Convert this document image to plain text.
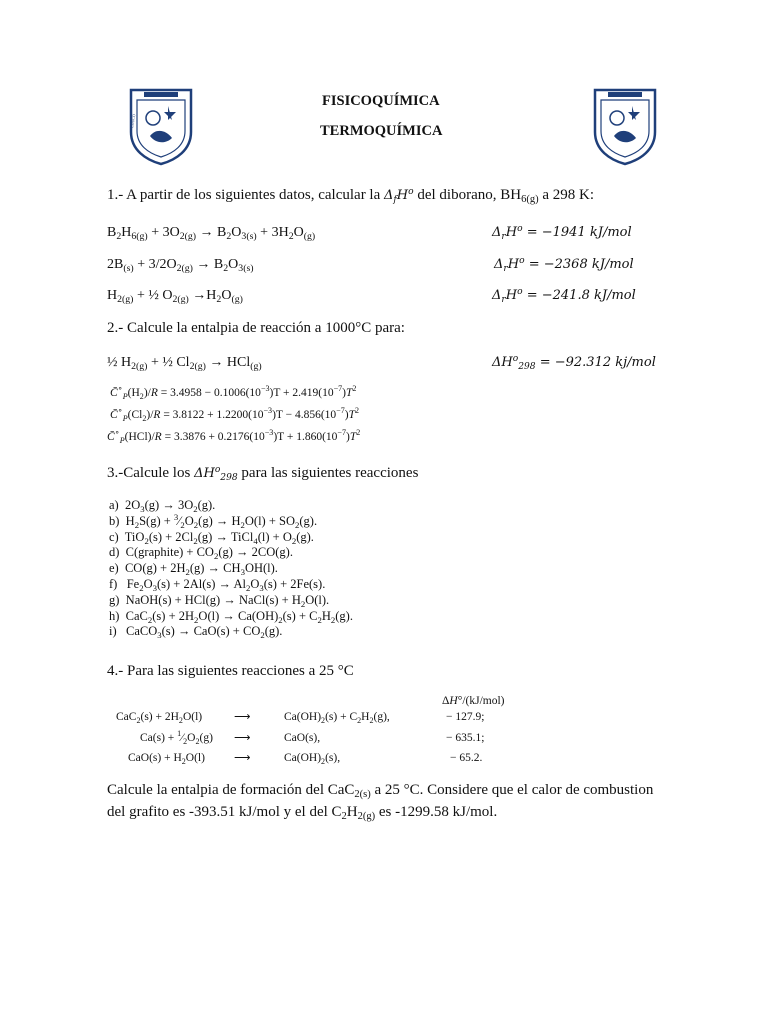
EDUCO
FISICOQUÍMICA
TERMOQUÍMICA
1.- A partir de los siguientes datos, calcular la $\Delta_fH^o$ del diborano, $BH_{6(g)}$ a 298 K:
$B_2H_{6(g)} + 3O_{2(g)} \to B_2O_{3(s)} + 3H_2O_{(g)}$	$\Delta_rH^o = -1941$ kJ/mol
$2B_{(s)} + 3/2O_{2(g)} \to B_2O_{3(s)}$	$\Delta_rH^o = -2368$ kJ/mol
$H_{2(g)}$ + ½ $O_{2(g)} \to H_2O_{(g)}$	$\Delta_rH^o = -241.8$ kJ/mol
2.- Calcule la entalpia de reacción a 1000°C para:
½ $H_{2(g)}$ + ½ $Cl_{2(g)} \to HCl_{(g)}$	$\Delta H^o_{298} = -92.312$ kj/mol
$C̄^\circ_P(H_2)/R = 3.4958 - 0.1006(10^{-3})T + 2.419(10^{-7})T^2$
$C̄^\circ_P(Cl_2)/R = 3.8122 + 1.2200(10^{-3})T - 4.856(10^{-7})T^2$
$C̄^\circ_P(HCl)/R = 3.3876 + 0.2176(10^{-3})T + 1.860(10^{-7})T^2$
3.-Calcule los $\Delta H^o_{298}$ para las siguientes reacciones
a)  $2O_3(g) \to 3O_2(g)$.
b)  $H_2S(g)$ + $^3⁄_2O_2(g) \to H_2O(l) + SO_2(g)$.
c)  $TiO_2(s) + 2Cl_2(g)$ → TiCl$_4$(l) + $O_2(g)$.
d)  C(graphite) + $CO_2(g) \to 2CO(g)$.
e)  $CO(g) + 2H_2(g) \to CH_3OH(l)$.
f)   $Fe_2O_3(s) + 2Al(s) \to Al_2O_3(s) + 2Fe(s)$.
g)  NaOH(s) + HCl(g) → NaCl(s) + $H_2O(l)$.
h)  $CaC_2(s) + 2H_2O(l) \to Ca(OH)_2(s) + C_2H_2(g)$.
i)   CaCO$_3$(s) → $CaO(s) + CO_2(g)$.
4.- Para las siguientes reacciones a 25 °C
ΔH°/(kJ/mol)
$CaC_2(s) + 2H_2O(l)$	⟶	$Ca(OH)_2(s) + C_2H_2(g)$,	− 127.9;
$Ca(s) + ^1⁄_2O_2(g)$ ⟶	CaO(s),	− 635.1;
$CaO(s) + H_2O(l)$	⟶	$Ca(OH)_2(s)$,	− 65.2.
Calcule la entalpia de formación del CaC$_{2(s)}$ a 25 °C. Considere que el calor de combustion
del grafito es -393.51 kJ/mol y el del $C_2H_{2(g)}$ es -1299.58 kJ/mol.
